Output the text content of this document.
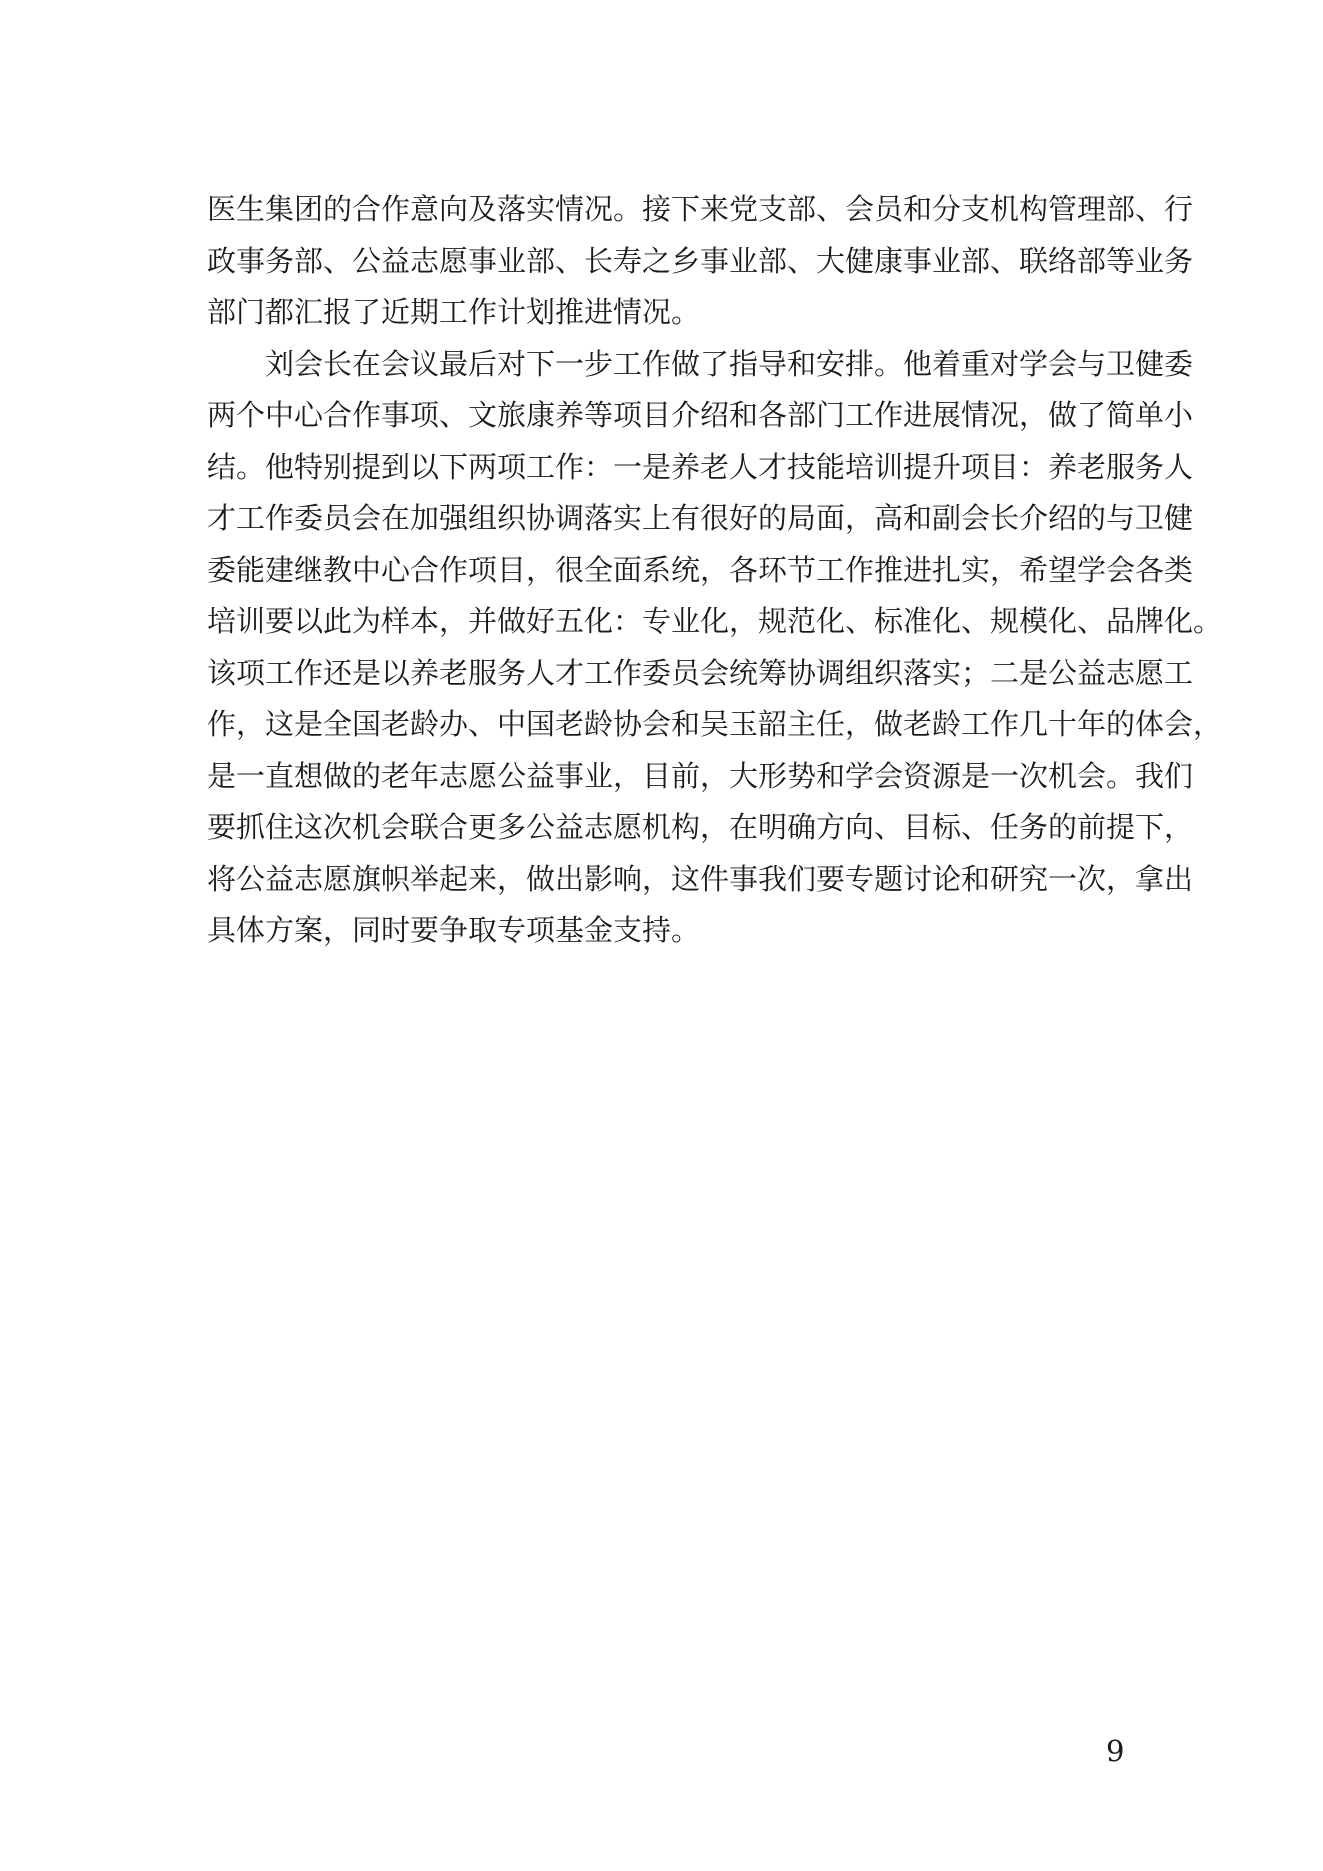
医生集团的合作意向及落实情况。接下来党支部、会员和分支机构管理部、行
政事务部、公益志愿事业部、长寿之乡事业部、大健康事业部、联络部等业务
部门都汇报了近期工作计划推进情况。
刘会长在会议最后对下一步工作做了指导和安排。他着重对学会与卫健委
两个中心合作事项、文旅康养等项目介绍和各部门工作进展情况，做了简单小
结。他特别提到以下两项工作：一是养老人才技能培训提升项目：养老服务人
才工作委员会在加强组织协调落实上有很好的局面，高和副会长介绍的与卫健
委能建继教中心合作项目，很全面系统，各环节工作推进扎实，希望学会各类
培训要以此为样本，并做好五化：专业化，规范化、标准化、规模化、品牌化。
该项工作还是以养老服务人才工作委员会统筹协调组织落实；二是公益志愿工
作，这是全国老龄办、中国老龄协会和吴玉韶主任，做老龄工作几十年的体会，
是一直想做的老年志愿公益事业，目前，大形势和学会资源是一次机会。我们
要抓住这次机会联合更多公益志愿机构，在明确方向、目标、任务的前提下，
将公益志愿旗帜举起来，做出影响，这件事我们要专题讨论和研究一次，拿出
具体方案，同时要争取专项基金支持。
9
